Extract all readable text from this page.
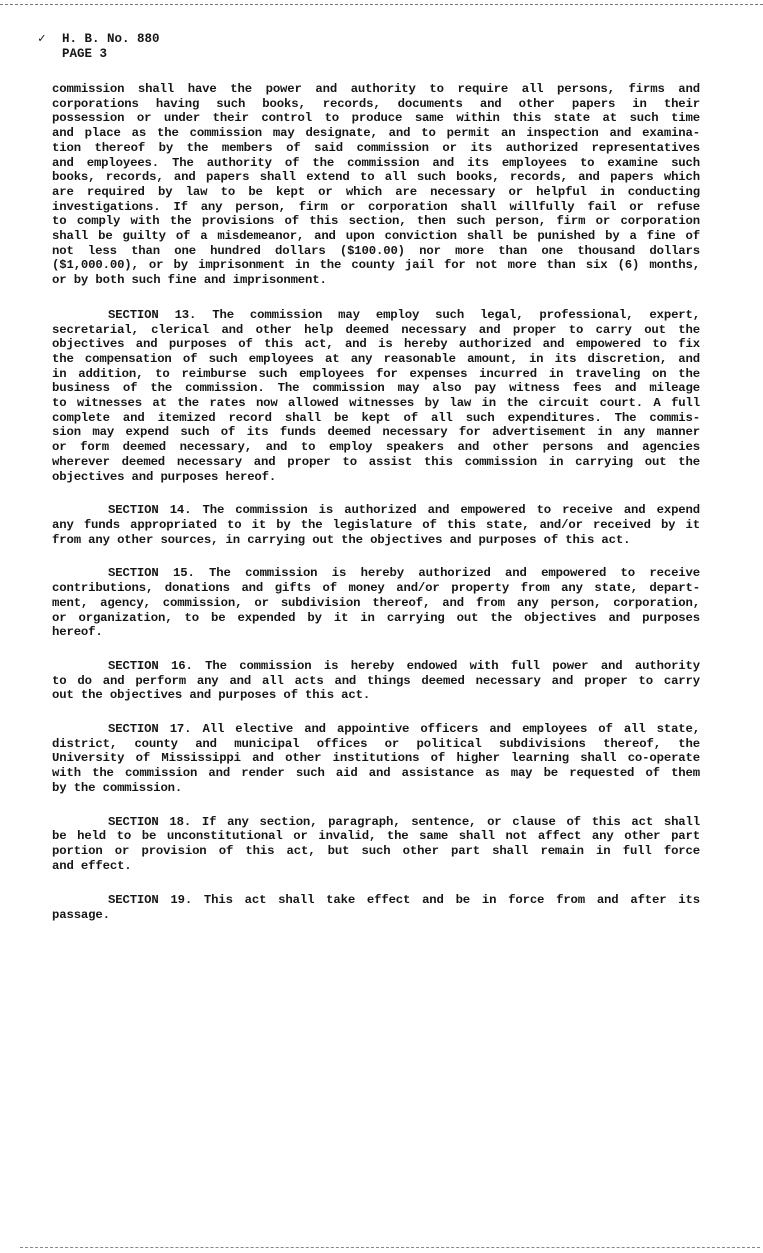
✓ H. B. No. 880
PAGE 3
commission shall have the power and authority to require all persons, firms and
corporations having such books, records, documents and other papers in their
possession or under their control to produce same within this state at such time
and place as the commission may designate, and to permit an inspection and examina-
tion thereof by the members of said commission or its authorized representatives
and employees. The authority of the commission and its employees to examine such
books, records, and papers shall extend to all such books, records, and papers which
are required by law to be kept or which are necessary or helpful in conducting
investigations. If any person, firm or corporation shall willfully fail or refuse
to comply with the provisions of this section, then such person, firm or corporation
shall be guilty of a misdemeanor, and upon conviction shall be punished by a fine of
not less than one hundred dollars ($100.00) nor more than one thousand dollars
($1,000.00), or by imprisonment in the county jail for not more than six (6) months,
or by both such fine and imprisonment.
SECTION 13. The commission may employ such legal, professional, expert,
secretarial, clerical and other help deemed necessary and proper to carry out the
objectives and purposes of this act, and is hereby authorized and empowered to fix
the compensation of such employees at any reasonable amount, in its discretion, and
in addition, to reimburse such employees for expenses incurred in traveling on the
business of the commission. The commission may also pay witness fees and mileage
to witnesses at the rates now allowed witnesses by law in the circuit court. A full
complete and itemized record shall be kept of all such expenditures. The commis-
sion may expend such of its funds deemed necessary for advertisement in any manner
or form deemed necessary, and to employ speakers and other persons and agencies
wherever deemed necessary and proper to assist this commission in carrying out the
objectives and purposes hereof.
SECTION 14. The commission is authorized and empowered to receive and expend
any funds appropriated to it by the legislature of this state, and/or received by it
from any other sources, in carrying out the objectives and purposes of this act.
SECTION 15. The commission is hereby authorized and empowered to receive
contributions, donations and gifts of money and/or property from any state, depart-
ment, agency, commission, or subdivision thereof, and from any person, corporation,
or organization, to be expended by it in carrying out the objectives and purposes
hereof.
SECTION 16. The commission is hereby endowed with full power and authority
to do and perform any and all acts and things deemed necessary and proper to carry
out the objectives and purposes of this act.
SECTION 17. All elective and appointive officers and employees of all state,
district, county and municipal offices or political subdivisions thereof, the
University of Mississippi and other institutions of higher learning shall co-operate
with the commission and render such aid and assistance as may be requested of them
by the commission.
SECTION 18. If any section, paragraph, sentence, or clause of this act shall
be held to be unconstitutional or invalid, the same shall not affect any other part
portion or provision of this act, but such other part shall remain in full force
and effect.
SECTION 19. This act shall take effect and be in force from and after its
passage.
